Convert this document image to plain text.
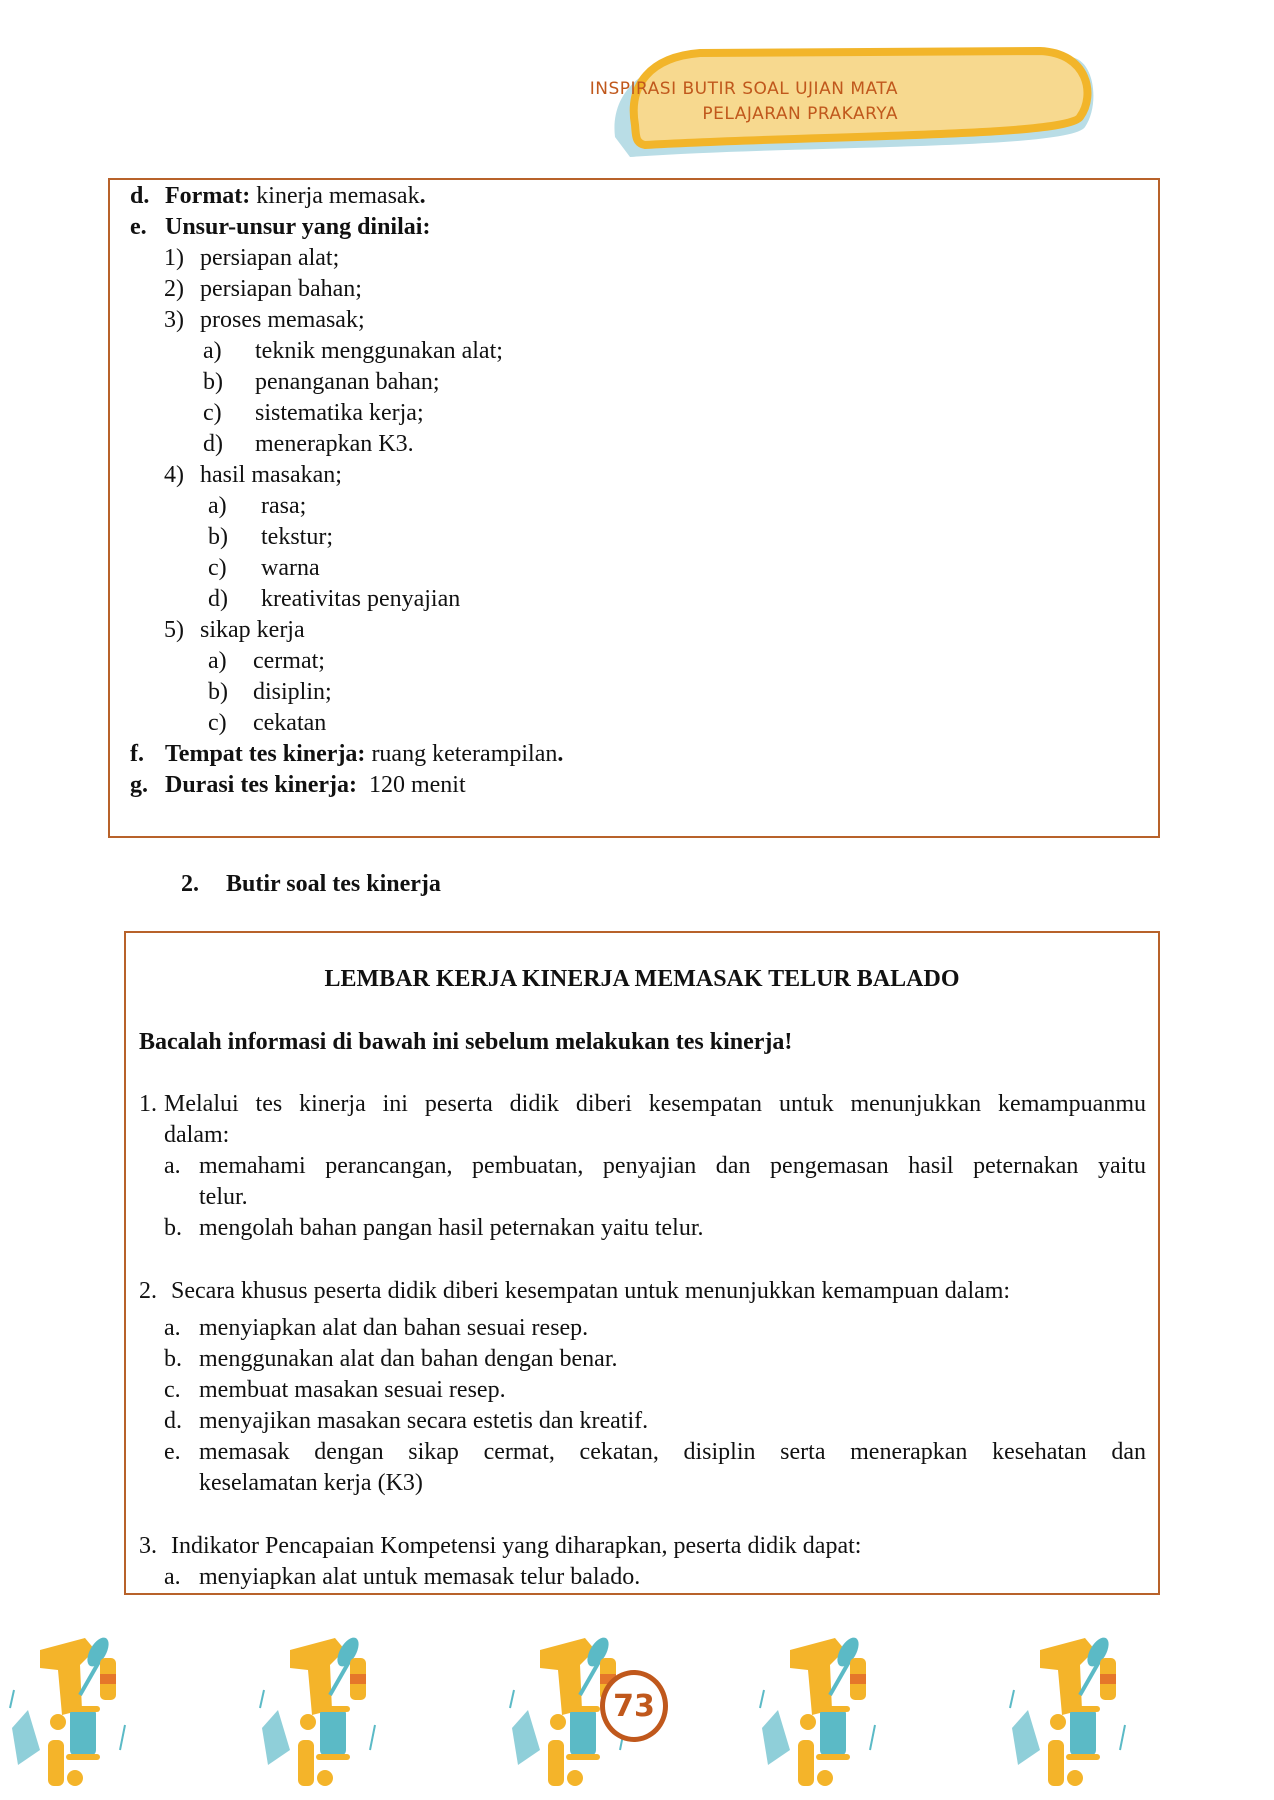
INSPIRASI BUTIR SOAL UJIAN MATA
PELAJARAN PRAKARYA
d. Format: kinerja memasak.
e. Unsur-unsur yang dinilai:
1) persiapan alat;
2) persiapan bahan;
3) proses memasak;
a) teknik menggunakan alat;
b) penanganan bahan;
c) sistematika kerja;
d) menerapkan K3.
4) hasil masakan;
a) rasa;
b) tekstur;
c) warna
d) kreativitas penyajian
5) sikap kerja
a) cermat;
b) disiplin;
c) cekatan
f. Tempat tes kinerja: ruang keterampilan.
g. Durasi tes kinerja: 120 menit
2. Butir soal tes kinerja
LEMBAR KERJA KINERJA MEMASAK TELUR BALADO
Bacalah informasi di bawah ini sebelum melakukan tes kinerja!
1. Melalui tes kinerja ini peserta didik diberi kesempatan untuk menunjukkan kemampuanmu
dalam:
a. memahami perancangan, pembuatan, penyajian dan pengemasan hasil peternakan yaitu
telur.
b. mengolah bahan pangan hasil peternakan yaitu telur.
2. Secara khusus peserta didik diberi kesempatan untuk menunjukkan kemampuan dalam:
a. menyiapkan alat dan bahan sesuai resep.
b. menggunakan alat dan bahan dengan benar.
c. membuat masakan sesuai resep.
d. menyajikan masakan secara estetis dan kreatif.
e. memasak dengan sikap cermat, cekatan, disiplin serta menerapkan kesehatan dan
keselamatan kerja (K3)
3. Indikator Pencapaian Kompetensi yang diharapkan, peserta didik dapat:
a. menyiapkan alat untuk memasak telur balado.
73
